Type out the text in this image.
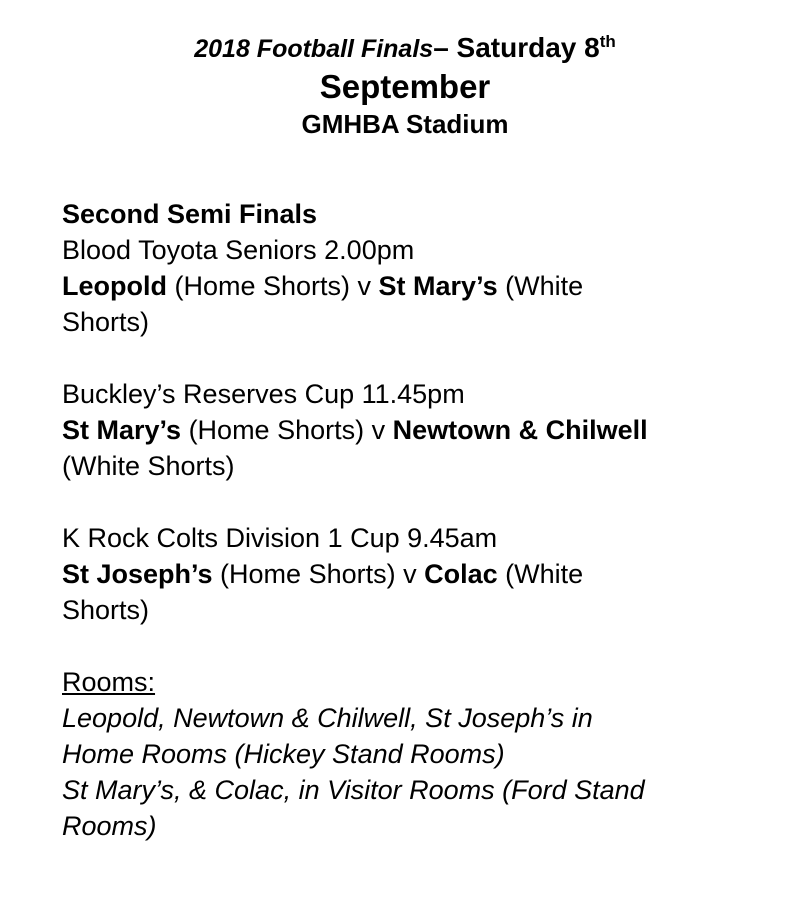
2018 Football Finals– Saturday 8th
September
GMHBA Stadium
Second Semi Finals
Blood Toyota Seniors 2.00pm
Leopold (Home Shorts) v St Mary’s (White
Shorts)
Buckley’s Reserves Cup 11.45pm
St Mary’s (Home Shorts) v Newtown & Chilwell
(White Shorts)
K Rock Colts Division 1 Cup 9.45am
St Joseph’s (Home Shorts) v Colac (White
Shorts)
Rooms:
Leopold, Newtown & Chilwell, St Joseph’s in
Home Rooms (Hickey Stand Rooms)
St Mary’s, & Colac, in Visitor Rooms (Ford Stand
Rooms)
